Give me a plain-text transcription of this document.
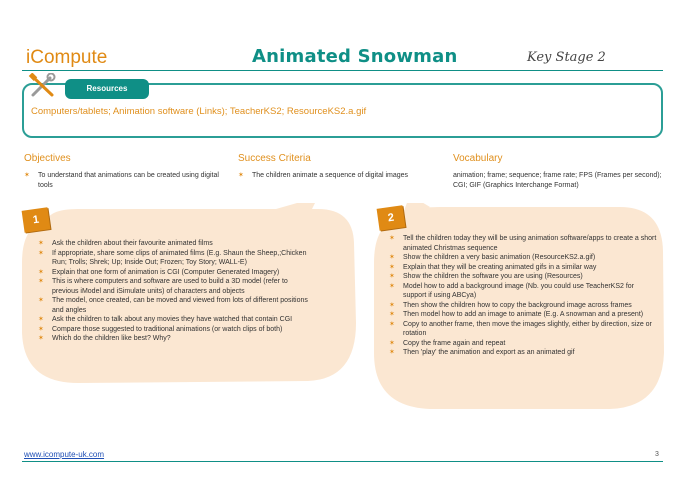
iCompute	Animated Snowman	Key Stage 2
Resources
Computers/tablets; Animation software (Links); TeacherKS2; ResourceKS2.a.gif
Objectives
✶ To understand that animations can be created using digital tools
Success Criteria
✶ The children animate a sequence of digital images
Vocabulary
animation; frame; sequence; frame rate; FPS (Frames per second); CGI; GIF (Graphics Interchange Format)
1
✶ Ask the children about their favourite animated films
✶ If appropriate, share some clips of animated films (E.g. Shaun the Sheep,;Chicken Run; Trolls; Shrek; Up; Inside Out; Frozen; Toy Story; WALL-E)
✶ Explain that one form of animation is CGI (Computer Generated Imagery)
✶ This is where computers and software are used to build a 3D model (refer to previous iModel and iSimulate units) of characters and objects
✶ The model, once created, can be moved and viewed from lots of different positions and angles
✶ Ask the children to talk about any movies they have watched that contain CGI
✶ Compare those suggested to traditional animations (or watch clips of both)
✶ Which do the children like best? Why?
2
✶ Tell the children today they will be using animation software/apps to create a short animated Christmas sequence
✶ Show the children a very basic animation (ResourceKS2.a.gif)
✶ Explain that they will be creating animated gifs in a similar way
✶ Show the children the software you are using (Resources)
✶ Model how to add a background image (Nb. you could use TeacherKS2 for support if using ABCya)
✶ Then show the children how to copy the background image across frames
✶ Then model how to add an image to animate (E.g. A snowman and a present)
✶ Copy to another frame, then move the images slightly, either by direction, size or rotation
✶ Copy the frame again and repeat
✶ Then 'play' the animation and export as an animated gif
www.icompute-uk.com	3
